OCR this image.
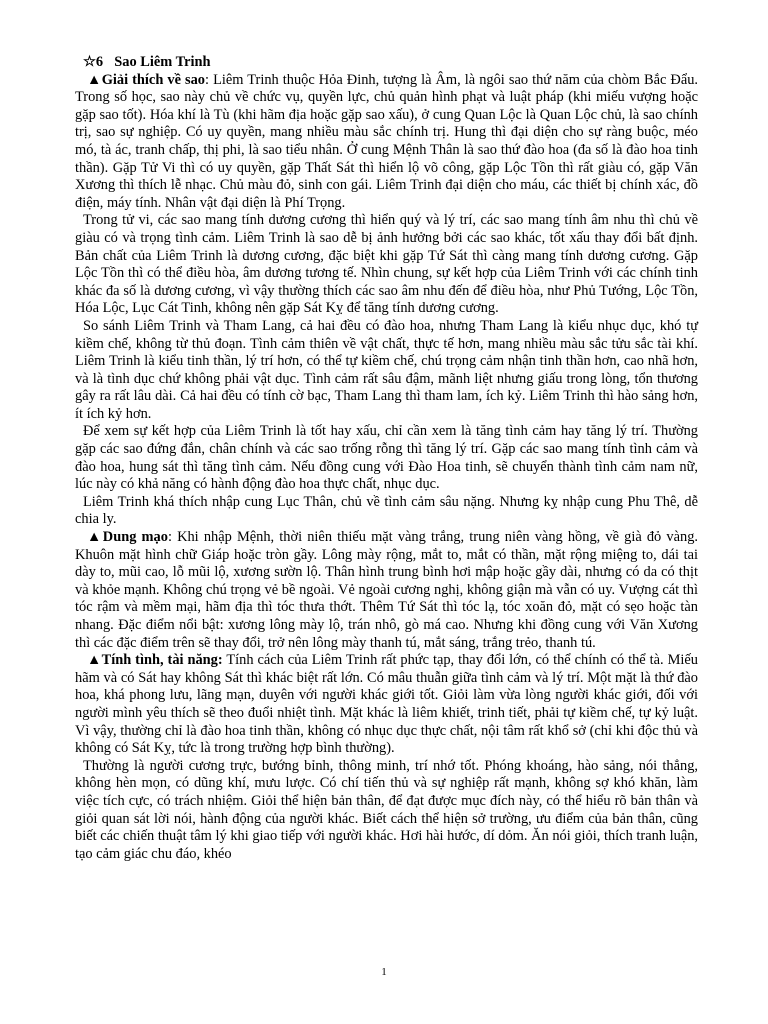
☆6⃣Sao Liêm Trinh

▲Giải thích về sao: Liêm Trinh thuộc Hỏa Đinh, tượng là Âm, là ngôi sao thứ năm của chòm Bắc Đẩu. Trong số học, sao này chủ về chức vụ, quyền lực, chủ quản hình phạt và luật pháp (khi miếu vượng hoặc gặp sao tốt). Hóa khí là Tù (khi hãm địa hoặc gặp sao xấu), ở cung Quan Lộc là Quan Lộc chủ, là sao chính trị, sao sự nghiệp. Có uy quyền, mang nhiều màu sắc chính trị. Hung thì đại diện cho sự ràng buộc, méo mó, tà ác, tranh chấp, thị phi, là sao tiểu nhân. Ở cung Mệnh Thân là sao thứ đào hoa (đa số là đào hoa tinh thần). Gặp Tử Vi thì có uy quyền, gặp Thất Sát thì hiển lộ võ công, gặp Lộc Tồn thì rất giàu có, gặp Văn Xương thì thích lễ nhạc. Chủ màu đỏ, sinh con gái. Liêm Trinh đại diện cho máu, các thiết bị chính xác, đồ điện, máy tính. Nhân vật đại diện là Phí Trọng.

Trong tử vi, các sao mang tính dương cương thì hiển quý và lý trí, các sao mang tính âm nhu thì chủ về giàu có và trọng tình cảm. Liêm Trinh là sao dễ bị ảnh hưởng bởi các sao khác, tốt xấu thay đổi bất định. Bản chất của Liêm Trinh là dương cương, đặc biệt khi gặp Tứ Sát thì càng mang tính dương cương. Gặp Lộc Tồn thì có thể điều hòa, âm dương tương tế. Nhìn chung, sự kết hợp của Liêm Trinh với các chính tinh khác đa số là dương cương, vì vậy thường thích các sao âm nhu đến để điều hòa, như Phủ Tướng, Lộc Tồn, Hóa Lộc, Lục Cát Tinh, không nên gặp Sát Kỵ để tăng tính dương cương.

So sánh Liêm Trinh và Tham Lang, cả hai đều có đào hoa, nhưng Tham Lang là kiểu nhục dục, khó tự kiềm chế, không từ thủ đoạn. Tình cảm thiên về vật chất, thực tế hơn, mang nhiều màu sắc tửu sắc tài khí. Liêm Trinh là kiểu tinh thần, lý trí hơn, có thể tự kiềm chế, chú trọng cảm nhận tinh thần hơn, cao nhã hơn, và là tình dục chứ không phải vật dục. Tình cảm rất sâu đậm, mãnh liệt nhưng giấu trong lòng, tổn thương gây ra rất lâu dài. Cả hai đều có tính cờ bạc, Tham Lang thì tham lam, ích kỷ. Liêm Trinh thì hào sảng hơn, ít ích kỷ hơn.

Để xem sự kết hợp của Liêm Trinh là tốt hay xấu, chỉ cần xem là tăng tình cảm hay tăng lý trí. Thường gặp các sao đứng đắn, chân chính và các sao trống rỗng thì tăng lý trí. Gặp các sao mang tính tình cảm và đào hoa, hung sát thì tăng tình cảm. Nếu đồng cung với Đào Hoa tinh, sẽ chuyển thành tình cảm nam nữ, lúc này có khả năng có hành động đào hoa thực chất, nhục dục.

Liêm Trinh khá thích nhập cung Lục Thân, chủ về tình cảm sâu nặng. Nhưng kỵ nhập cung Phu Thê, dễ chia ly.

▲Dung mạo: Khi nhập Mệnh, thời niên thiếu mặt vàng trắng, trung niên vàng hồng, về già đỏ vàng. Khuôn mặt hình chữ Giáp hoặc tròn gầy. Lông mày rộng, mắt to, mắt có thần, mặt rộng miệng to, dái tai dày to, mũi cao, lỗ mũi lộ, xương sườn lộ. Thân hình trung bình hơi mập hoặc gầy dài, nhưng có da có thịt và khỏe mạnh. Không chú trọng vẻ bề ngoài. Vẻ ngoài cương nghị, không giận mà vẫn có uy. Vượng cát thì tóc rậm và mềm mại, hãm địa thì tóc thưa thớt. Thêm Tứ Sát thì tóc lạ, tóc xoăn đỏ, mặt có sẹo hoặc tàn nhang. Đặc điểm nổi bật: xương lông mày lộ, trán nhô, gò má cao. Nhưng khi đồng cung với Văn Xương thì các đặc điểm trên sẽ thay đổi, trở nên lông mày thanh tú, mắt sáng, trắng trẻo, thanh tú.

▲Tính tình, tài năng: Tính cách của Liêm Trinh rất phức tạp, thay đổi lớn, có thể chính có thể tà. Miếu hãm và có Sát hay không Sát thì khác biệt rất lớn. Có mâu thuẫn giữa tình cảm và lý trí. Một mặt là thứ đào hoa, khá phong lưu, lãng mạn, duyên với người khác giới tốt. Giỏi làm vừa lòng người khác giới, đối với người mình yêu thích sẽ theo đuổi nhiệt tình. Mặt khác là liêm khiết, trinh tiết, phải tự kiềm chế, tự kỷ luật. Vì vậy, thường chỉ là đào hoa tinh thần, không có nhục dục thực chất, nội tâm rất khổ sở (chỉ khi độc thủ và không có Sát Kỵ, tức là trong trường hợp bình thường).

Thường là người cương trực, bướng bỉnh, thông minh, trí nhớ tốt. Phóng khoáng, hào sảng, nói thẳng, không hèn mọn, có dũng khí, mưu lược. Có chí tiến thủ và sự nghiệp rất mạnh, không sợ khó khăn, làm việc tích cực, có trách nhiệm. Giỏi thể hiện bản thân, để đạt được mục đích này, có thể hiểu rõ bản thân và giỏi quan sát lời nói, hành động của người khác. Biết cách thể hiện sở trường, ưu điểm của bản thân, cũng biết các chiến thuật tâm lý khi giao tiếp với người khác. Hơi hài hước, dí dỏm. Ăn nói giỏi, thích tranh luận, tạo cảm giác chu đáo, khéo

1
